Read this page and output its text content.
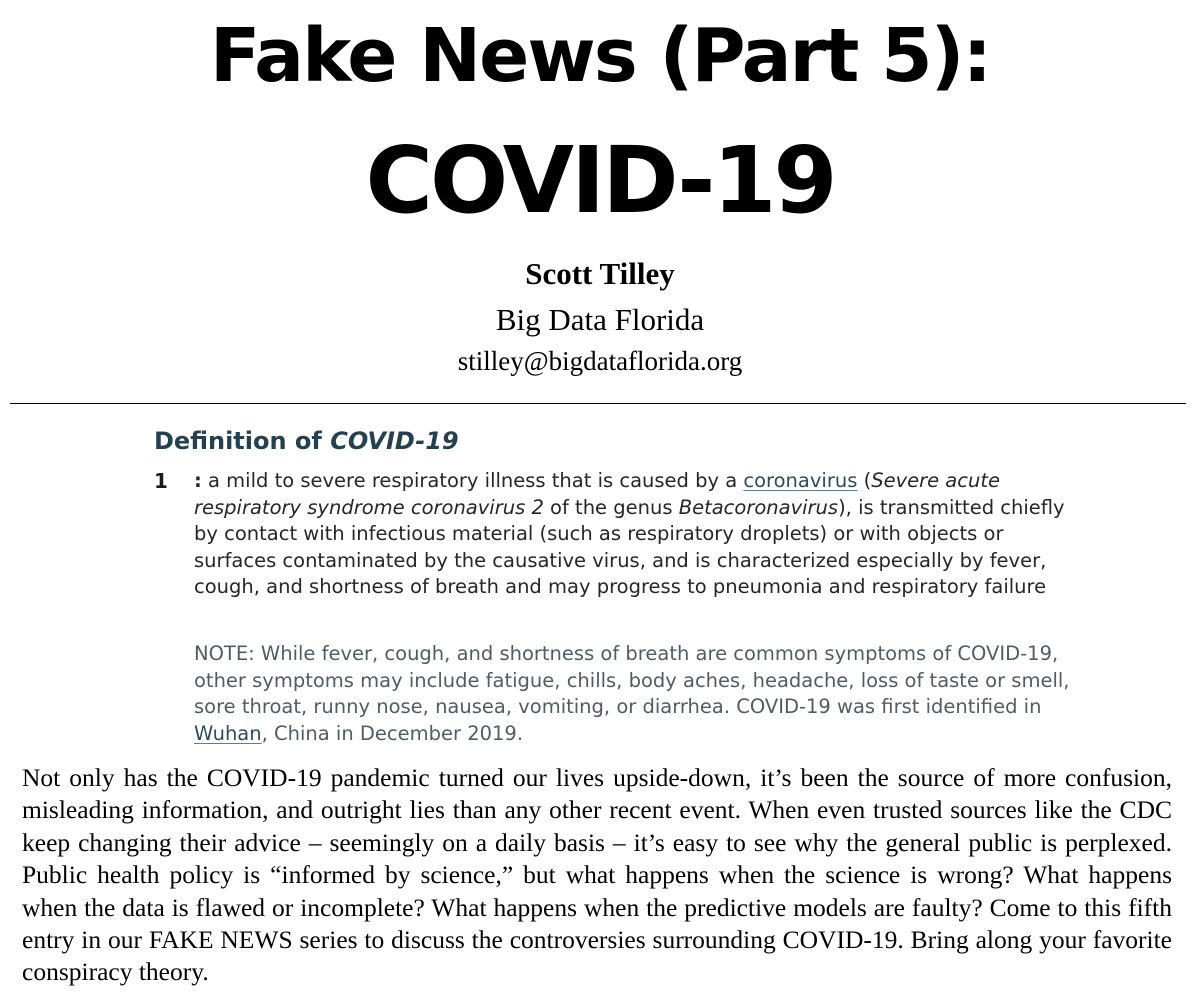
Fake News (Part 5):
COVID-19
Scott Tilley
Big Data Florida
stilley@bigdataflorida.org
Definition of COVID-19
1 : a mild to severe respiratory illness that is caused by a coronavirus (Severe acute respiratory syndrome coronavirus 2 of the genus Betacoronavirus), is transmitted chiefly by contact with infectious material (such as respiratory droplets) or with objects or surfaces contaminated by the causative virus, and is characterized especially by fever, cough, and shortness of breath and may progress to pneumonia and respiratory failure
NOTE: While fever, cough, and shortness of breath are common symptoms of COVID-19, other symptoms may include fatigue, chills, body aches, headache, loss of taste or smell, sore throat, runny nose, nausea, vomiting, or diarrhea. COVID-19 was first identified in Wuhan, China in December 2019.
Not only has the COVID-19 pandemic turned our lives upside-down, it’s been the source of more confusion, misleading information, and outright lies than any other recent event. When even trusted sources like the CDC keep changing their advice – seemingly on a daily basis – it’s easy to see why the general public is perplexed. Public health policy is “informed by science,” but what happens when the science is wrong? What happens when the data is flawed or incomplete? What happens when the predictive models are faulty? Come to this fifth entry in our FAKE NEWS series to discuss the controversies surrounding COVID-19. Bring along your favorite conspiracy theory.
